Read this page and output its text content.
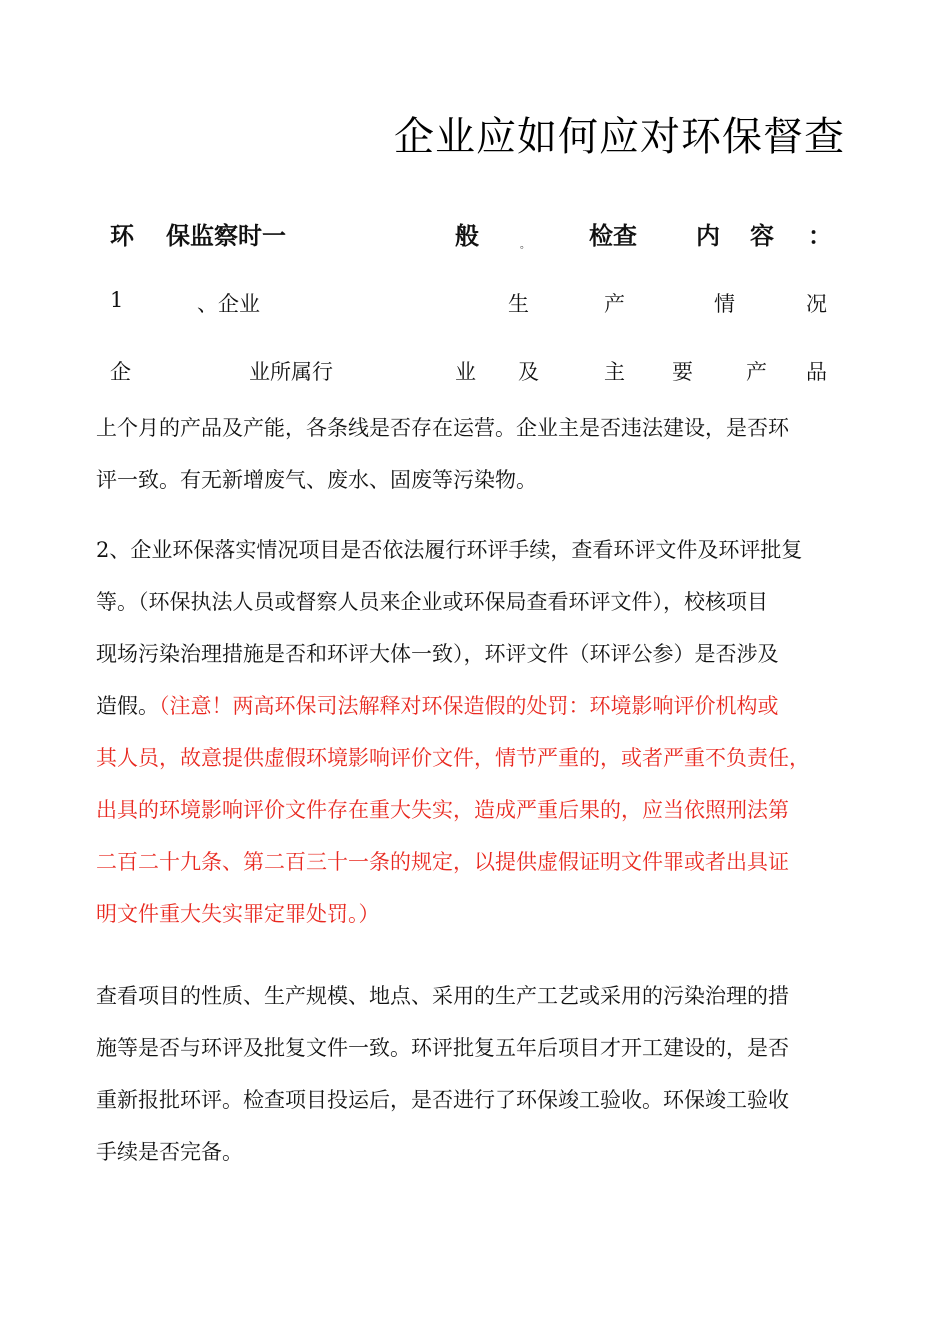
企业应如何应对环保督查
环 保监察时一	般	。 检查 内 容 ：
1	、企业	生	产	情	况
企	业所属行	业 及	主 要	产 品
上个月的产品及产能，各条线是否存在运营。企业主是否违法建设，是否环
评一致。有无新增废气、废水、固废等污染物。
2、企业环保落实情况项目是否依法履行环评手续，查看环评文件及环评批复
等。（环保执法人员或督察人员来企业或环保局查看环评文件），校核项目
现场污染治理措施是否和环评大体一致），环评文件（环评公参）是否涉及
造假。（注意！两高环保司法解释对环保造假的处罚：环境影响评价机构或
其人员，故意提供虚假环境影响评价文件，情节严重的，或者严重不负责任，
出具的环境影响评价文件存在重大失实，造成严重后果的，应当依照刑法第
二百二十九条、第二百三十一条的规定，以提供虚假证明文件罪或者出具证
明文件重大失实罪定罪处罚。）
查看项目的性质、生产规模、地点、采用的生产工艺或采用的污染治理的措
施等是否与环评及批复文件一致。环评批复五年后项目才开工建设的，是否
重新报批环评。检查项目投运后，是否进行了环保竣工验收。环保竣工验收
手续是否完备。
